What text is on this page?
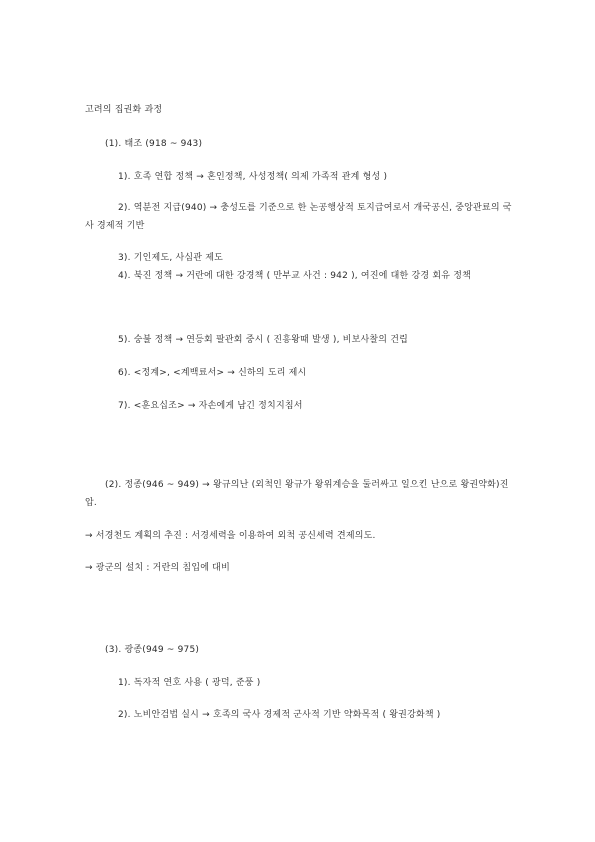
고려의 집권화 과정
(1). 태조 (918 ~ 943)
1). 호족 연합 정책 → 혼인정책, 사성정책( 의제 가족적 관계 형성 )
2). 역분전 지급(940) → 충성도를 기준으로 한 논공행상적 토지급여로서 개국공신, 중앙관료의 국사 경제적 기반
3). 기인제도, 사심관 제도
4). 북진 정책 → 거란에 대한 강경책 ( 만부교 사건 : 942 ), 여진에 대한 강경 회유 정책
5). 숭불 정책 → 연등회 팔관회 중시 ( 진흥왕때 발생 ), 비보사찰의 건립
6). <정계>, <계백료서> → 신하의 도리 제시
7). <훈요십조> → 자손에게 남긴 정치지침서
(2). 정종(946 ~ 949) → 왕규의난 (외척인 왕규가 왕위계승을 둘러싸고 일으킨 난으로 왕권약화)진압.
→ 서경천도 계획의 추진 : 서경세력을 이용하여 외척 공신세력 견제의도.
→ 광군의 설치 : 거란의 침입에 대비
(3). 광종(949 ~ 975)
1). 독자적 연호 사용 ( 광덕, 준풍 )
2). 노비안검법 실시 → 호족의 국사 경제적 군사적 기반 약화목적 ( 왕권강화책 )
